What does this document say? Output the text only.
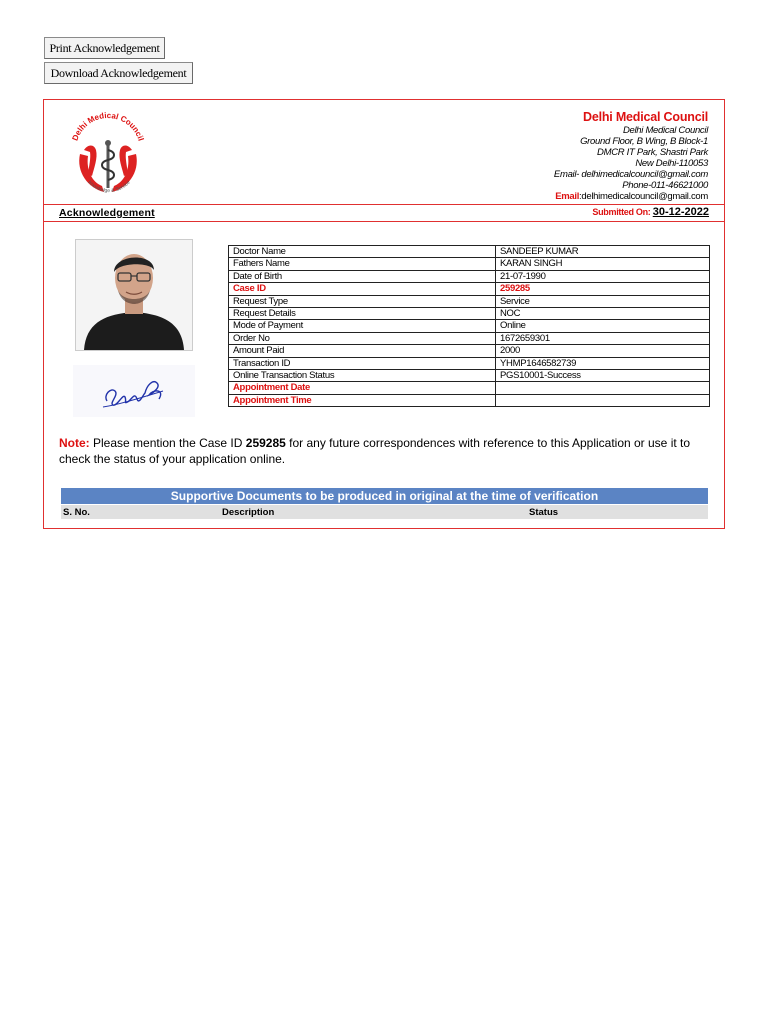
Print Acknowledgement
Download Acknowledgement
Delhi Medical Council
Knowledge & Service
Delhi Medical Council
Delhi Medical Council
Ground Floor, B Wing, B Block-1
DMCR IT Park, Shastri Park
New Delhi-110053
Email- delhimedicalcouncil@gmail.com
Phone-011-46621000
Email:delhimedicalcouncil@gmail.com
Acknowledgement	Submitted On: 30-12-2022
Doctor Name	SANDEEP KUMAR
Fathers Name	KARAN SINGH
Date of Birth	21-07-1990
Case ID	259285
Request Type	Service
Request Details	NOC
Mode of Payment	Online
Order No	1672659301
Amount Paid	2000
Transaction ID	YHMP1646582739
Online Transaction Status	PGS10001-Success
Appointment Date	
Appointment Time	
Note: Please mention the Case ID 259285 for any future correspondences with reference to this Application or use it to check the status of your application online.
Supportive Documents to be produced in original at the time of verification
S. No.	Description	Status
